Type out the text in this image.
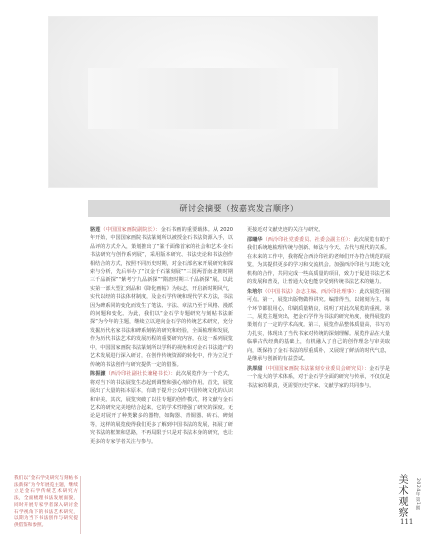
研讨会摘要（按嘉宾发言顺序）

骆莲（中国国家画院副院长）：金石书画的重要载体。从 2020 年开始，中国国家画院书法篆刻所以被授金石书法资源入手，以品评的方式介入，策划推出了“篆千面像首家的社会和艺术·金石书法研究与创作系列展”，采用版本研究、书法史论和书法创作相结合的方式，按照不同历史时期，对金石部名家开展研究和探索与分析，先后举办了“汉金千石篆刻展”“三国两晋南北朝时期三千品新探”“紫考宁九品新探”“隋唐时期三千品新探”展。以此实第一部大型汇到品和《降化画帖》为标志，开启新时期风气，实代以经的书法体材制度，及金石学传统和现代学术方法，书法因为碑系同的变化而发生了笔法、字法、章法乃至于风格、漫派的问题和变化。为此，我们以“金石学专题研究与刻帖书法新探”为今年的主题，继续立以迎向金石学的传统艺术研究，充分发掘历代名家书法和碑系刻帖的研究和经验，全面梳理和发展，作为历代书法艺术的发展历程的重要研究内容。在这一系列展览中，中国国家画院书法篆刻所以学科的视角和对金石书法遗产的艺术发展进行深入研讨，在创作传统资源的转化中，作为立足于传统的书法创作与研究提供一定的借鉴。

陈振濂（西泠印社副社长兼秘书长）：此次展览作为一个范式，将对当下的书法展览生态起到调整和强心剂的作用。首先，展览展出了大量的拓本原本，有助于提升公众对中国传统文化的认识和审美。其次，展览突破了以往专题的创作模式，将文献与金石艺术的研究完美地结合起来，它的学术性增强了研究的深度。无论是对展开了种类繁多的器物，如陶器、青铜器、砖石、碑刻等，这样的展览使得我们更多了解到中国书法的发展，拓展了研究书法的框架和思路，不再局限于只是对书法本身的研究，也让更多的专家学者关注与参与。

更接近对文献史迹的关注与研究。

邵曦华（西泠印社党委委员、社委会副主任）：此次展览有助于我们系统地梳理传统与创新、师法与今天、古代与现代的关系。在未来的工作中，我将配合西泠印社的老师们开办符合规范的展览，为其提供更多的学习和交流机会。加强西泠印社与其他文化机构的合作，共同完成一些高质量的项目，致力于促进书法艺术的发展和普及，让普通大众也能享受到传统书法艺术的魅力。

朱培尔（《中国书法》杂志主编、西泠印社理事）：此次展览可圈可点。第一，展览出版物做得讲究。编排得当，以铭刻为主，每个环节都很用心，印刷质量精良，说明了对此次展览的重视。第二，展览主题突出，把金石学作为书法的研究角度，使得展览的策划有了一定的学术高度。第三，展览作品整体质量高，书写功力扎实，体现出了当代书家对传统的深刻理解。展览作品在大量临摹古代经典的基础上，有机融入了自己的创作理念与审美取向，既保持了金石书法的厚重质朴，又展现了鲜活的时代气息，是继承与创新的有益尝试。

洪厚甜（中国国家画院书法篆刻专业委员会研究员）：金石学是一个庞大的学术体系，对于金石学全面的研究与传承，不仅仅是书法家的职责，更需要历史学家、文献学家的共同参与。

我们以“金石学史研究与刻帖书法新探”为今年展览主题，继续立足金石学传统艺术研究方法，全面梳理书法发展面貌，同时开展专家学者深入研讨金石学视角下的书法艺术研究，以期为当下书法创作与研究提供借鉴和参照。
美术观察	2024年第1期
111
